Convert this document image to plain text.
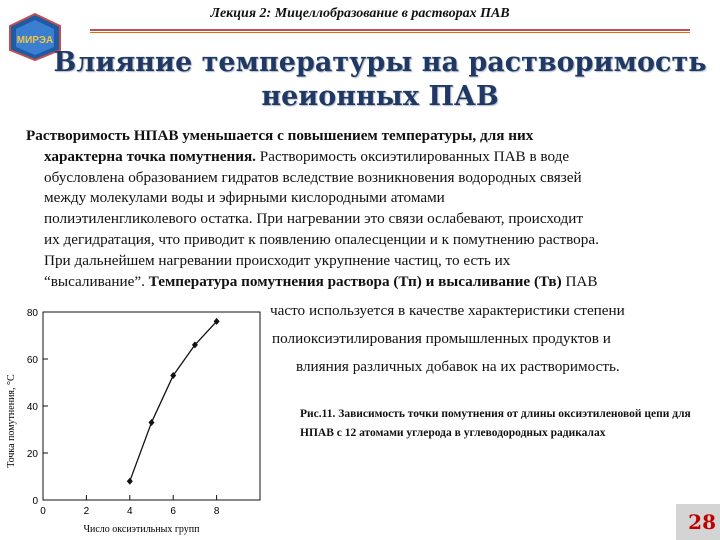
МИРЭА
Лекция 2: Мицеллобразование в растворах ПАВ
Влияние температуры на растворимость
неионных ПАВ
Растворимость НПАВ уменьшается с повышением температуры, для них
характерна точка помутнения. Растворимость оксиэтилированных ПАВ в воде
обусловлена образованием гидратов вследствие возникновения водородных связей
между молекулами воды и эфирными кислородными атомами
полиэтиленгликолевого остатка. При нагревании это связи ослабевают, происходит
их дегидратация, что приводит к появлению опалесценции и к помутнению раствора.
При дальнейшем нагревании происходит укрупнение частиц, то есть их
“высаливание”. Температура помутнения раствора (Тп) и высаливание (Тв) ПАВ
часто используется в качестве характеристики степени
полиоксиэтилирования промышленных продуктов и
влияния различных добавок на их растворимость.
0
20
40
60
80
0	2	4	6	8
Число оксиэтильных групп
Точка помутнения, °С	Рис.11. Зависимость точки помутнения от длины оксиэтиленовой цепи для НПАВ с 12 атомами углерода в углеводородных радикалах
28
